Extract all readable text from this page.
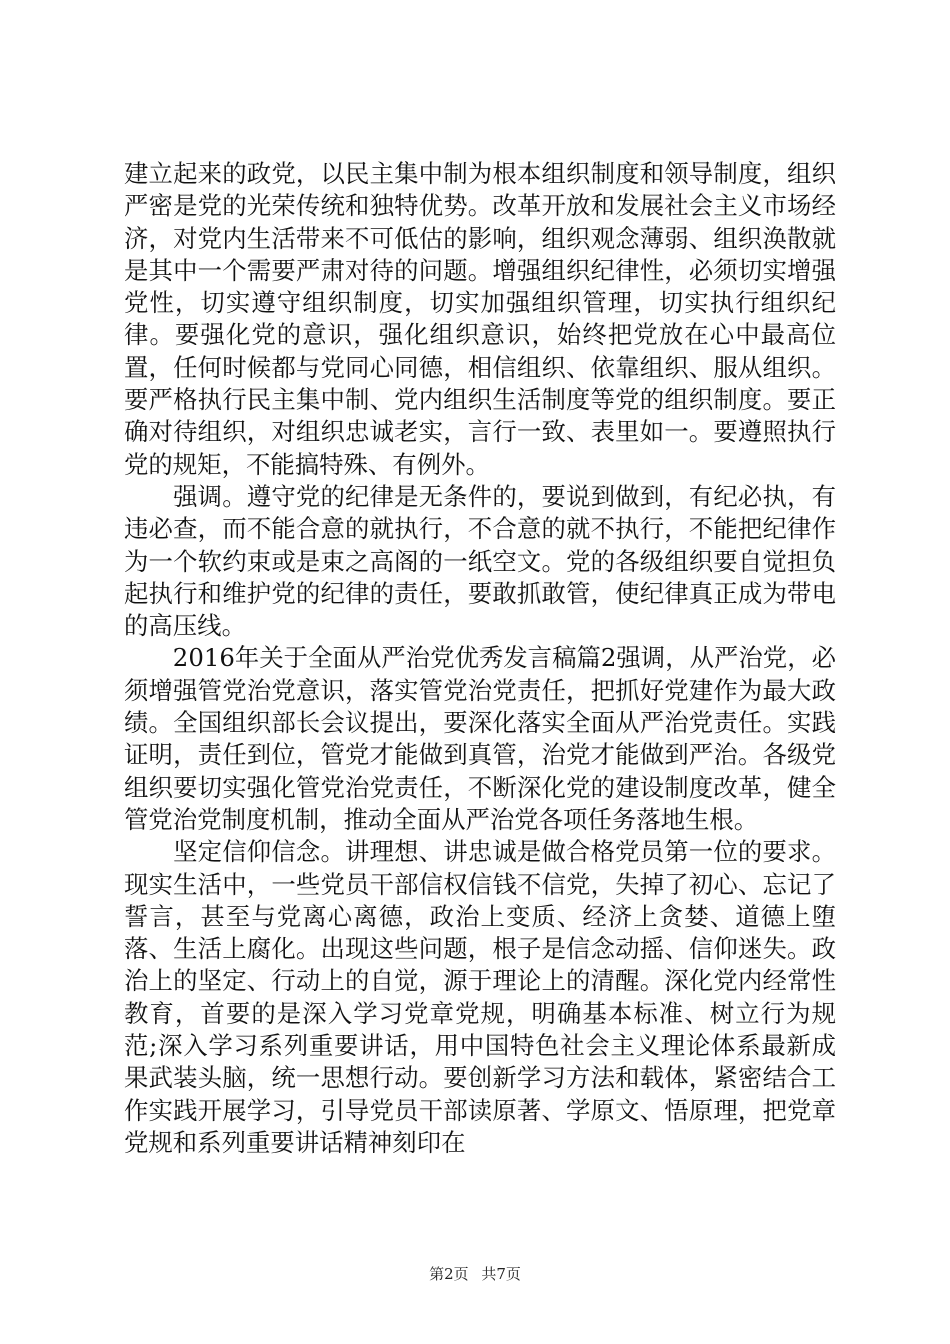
建立起来的政党，以民主集中制为根本组织制度和领导制度，组织严密是党的光荣传统和独特优势。改革开放和发展社会主义市场经济，对党内生活带来不可低估的影响，组织观念薄弱、组织涣散就是其中一个需要严肃对待的问题。增强组织纪律性，必须切实增强党性，切实遵守组织制度，切实加强组织管理，切实执行组织纪律。要强化党的意识，强化组织意识，始终把党放在心中最高位置，任何时候都与党同心同德，相信组织、依靠组织、服从组织。要严格执行民主集中制、党内组织生活制度等党的组织制度。要正确对待组织，对组织忠诚老实，言行一致、表里如一。要遵照执行党的规矩，不能搞特殊、有例外。

　　强调。遵守党的纪律是无条件的，要说到做到，有纪必执，有违必查，而不能合意的就执行，不合意的就不执行，不能把纪律作为一个软约束或是束之高阁的一纸空文。党的各级组织要自觉担负起执行和维护党的纪律的责任，要敢抓敢管，使纪律真正成为带电的高压线。

　　2016年关于全面从严治党优秀发言稿篇2强调，从严治党，必须增强管党治党意识，落实管党治党责任，把抓好党建作为最大政绩。全国组织部长会议提出，要深化落实全面从严治党责任。实践证明，责任到位，管党才能做到真管，治党才能做到严治。各级党组织要切实强化管党治党责任，不断深化党的建设制度改革，健全管党治党制度机制，推动全面从严治党各项任务落地生根。

　　坚定信仰信念。讲理想、讲忠诚是做合格党员第一位的要求。现实生活中，一些党员干部信权信钱不信党，失掉了初心、忘记了誓言，甚至与党离心离德，政治上变质、经济上贪婪、道德上堕落、生活上腐化。出现这些问题，根子是信念动摇、信仰迷失。政治上的坚定、行动上的自觉，源于理论上的清醒。深化党内经常性教育，首要的是深入学习党章党规，明确基本标准、树立行为规范;深入学习系列重要讲话，用中国特色社会主义理论体系最新成果武装头脑，统一思想行动。要创新学习方法和载体，紧密结合工作实践开展学习，引导党员干部读原著、学原文、悟原理，把党章党规和系列重要讲话精神刻印在

第2页 共7页
